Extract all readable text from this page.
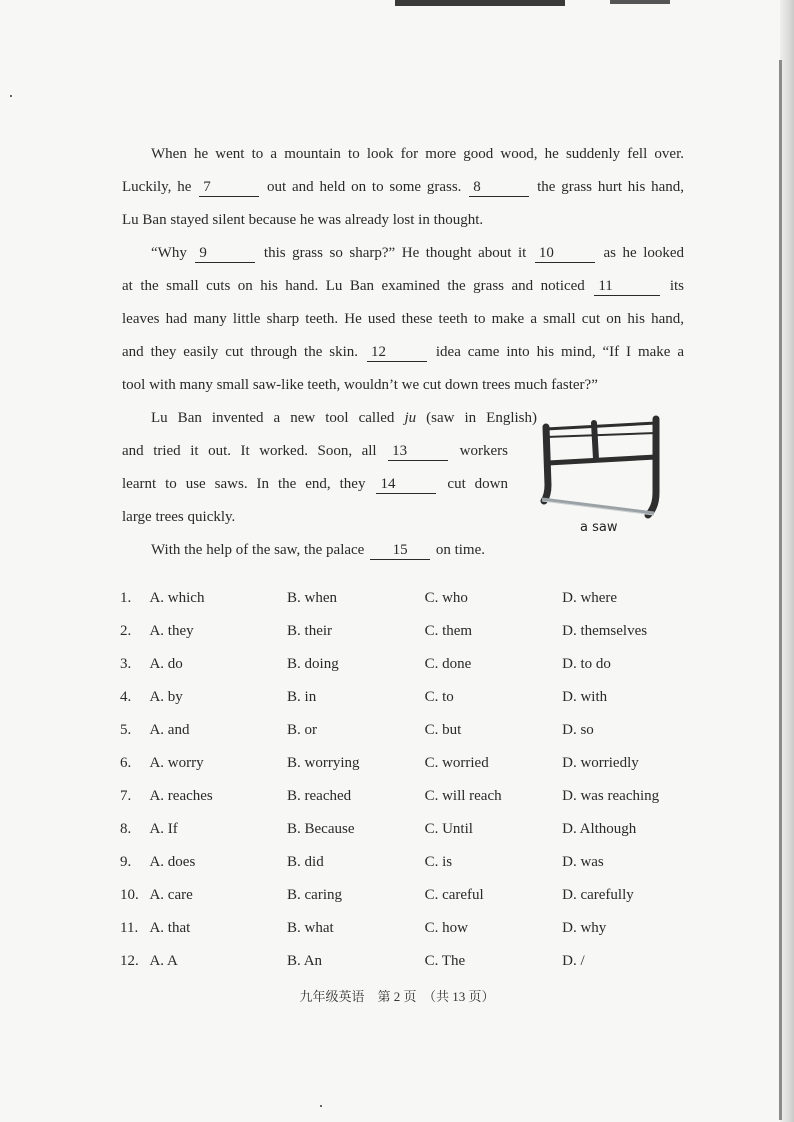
When he went to a mountain to look for more good wood, he suddenly fell over.
Luckily, he 7	out and held on to some grass. 8	the grass hurt his hand,
Lu Ban stayed silent because he was already lost in thought.
“Why 9	this grass so sharp?” He thought about it 10	as he looked
at the small cuts on his hand. Lu Ban examined the grass and noticed 11	its
leaves had many little sharp teeth. He used these teeth to make a small cut on his hand,
and they easily cut through the skin. 12	idea came into his mind, “If I make a
tool with many small saw-like teeth, wouldn’t we cut down trees much faster?”
Lu Ban invented a new tool called ju (saw in English)
and tried it out. It worked. Soon, all 13	workers
learnt to use saws. In the end, they 14	cut down
large trees quickly.
With the help of the saw, the palace 15 on time.
a saw
1.	A. which	B. when	C. who	D. where
2.	A. they	B. their	C. them	D. themselves
3.	A. do	B. doing	C. done	D. to do
4.	A. by	B. in	C. to	D. with
5.	A. and	B. or	C. but	D. so
6.	A. worry	B. worrying	C. worried	D. worriedly
7.	A. reaches	B. reached	C. will reach	D. was reaching
8.	A. If	B. Because	C. Until	D. Although
9.	A. does	B. did	C. is	D. was
10. A. care	B. caring	C. careful	D. carefully
11. A. that	B. what	C. how	D. why
12. A. A	B. An	C. The	D. /
九年级英语　第 2 页　（共 13 页）
